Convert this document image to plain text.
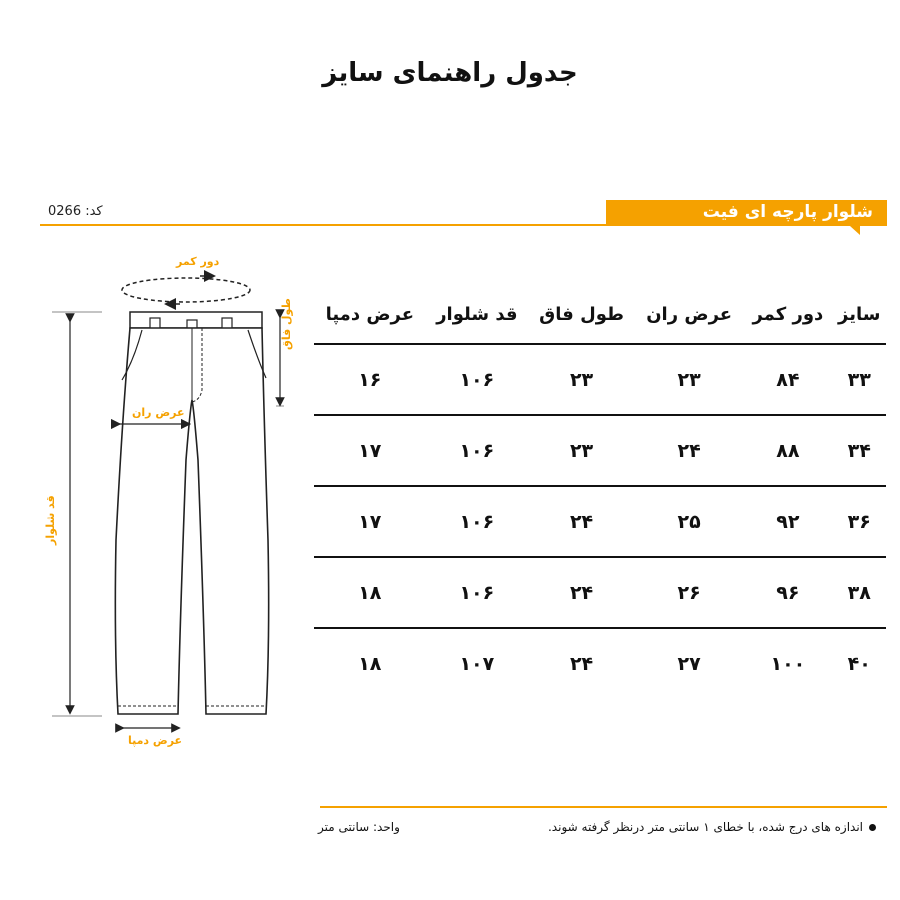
جدول راهنمای سایز
کد: 0266	شلوار پارچه ای فیت
دور کمر
طول فاق
عرض ران
قد شلوار
عرض دمپا
سایز	دور کمر	عرض ران	طول فاق	قد شلوار	عرض دمپا
۳۳	۸۴	۲۳	۲۳	۱۰۶	۱۶
۳۴	۸۸	۲۴	۲۳	۱۰۶	۱۷
۳۶	۹۲	۲۵	۲۴	۱۰۶	۱۷
۳۸	۹۶	۲۶	۲۴	۱۰۶	۱۸
۴۰	۱۰۰	۲۷	۲۴	۱۰۷	۱۸
اندازه های درج شده، با خطای ۱ سانتی متر درنظر گرفته شوند.
واحد: سانتی متر
